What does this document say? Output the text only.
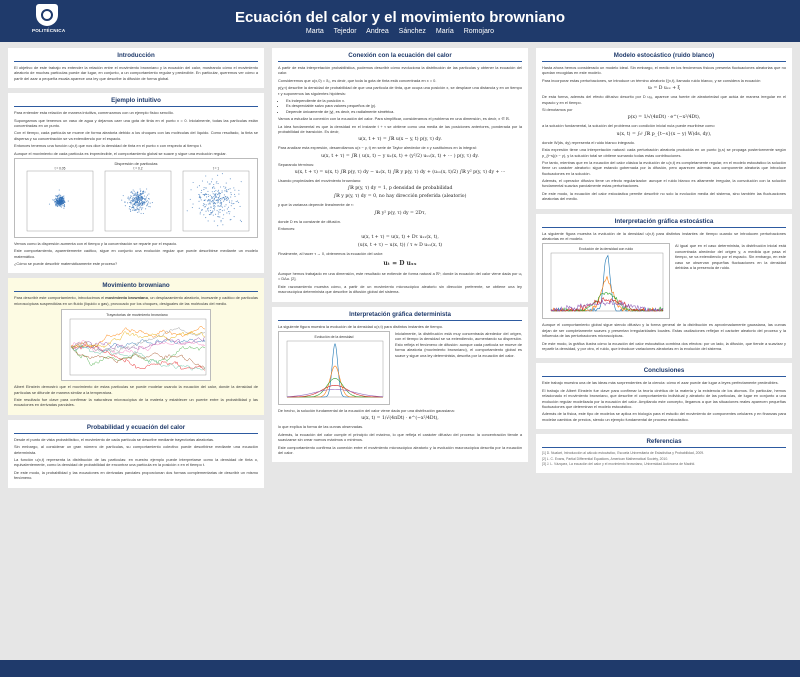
POLITÉCNICA
Ecuación del calor y el movimiento browniano
Marta Tejedor Andrea Sánchez María Romojaro
Introducción

El objetivo de este trabajo es entender la relación entre el movimiento browniano y la ecuación del calor, mostrando cómo el movimiento aleatorio de muchas partículas puede dar lugar, en conjunto, a un comportamiento regular y predecible. En particular, queremos ver cómo a partir del azar a pequeña escala aparece una ley que describe la difusión de forma global.

Ejemplo intuitivo

Para entender esta relación de manera intuitiva, comenzamos con un ejemplo físico sencillo.

Supongamos que tenemos un vaso de agua y dejamos caer una gota de tinta en el punto x = 0. Inicialmente, todas las partículas están concentradas en un punto.

Con el tiempo, cada partícula se mueve de forma aleatoria debido a los choques con las moléculas del líquido. Como resultado, la tinta se dispersa y su concentración se va extendiendo por el espacio.

Entonces tenemos una función u(x,t) que nos dice la densidad de tinta en el punto x con respecto al tiempo t.

Aunque el movimiento de cada partícula es impredecible, el comportamiento global se suave y sigue una evolución regular.

Dispersión de partículas
t = 0.05	t = 0.2	t = 1

Vemos como la dispersión aumenta con el tiempo y la concentración se reparte por el espacio.

Este comportamiento, aparentemente caótico, sigue en conjunto una evolución regular que puede describirse mediante un modelo matemático.

¿Cómo se puede describir matemáticamente este proceso?

Movimiento browniano

Para describir este comportamiento, introducimos el movimiento browniano, un desplazamiento aleatorio, incesante y caótico de partículas microscópicas suspendidas en un fluido (líquido o gas), provocado por los choques, desiguales de las moléculas del medio.

Trayectorias de movimiento browniano

Albert Einstein demostró que el movimiento de estas partículas se puede modelar usando la ecuación del calor, donde la densidad de partículas se difunde de manera similar a la temperatura.

Este resultado fue clave para confirmar la naturaleza microscópica de la materia y establecer un puente entre la probabilidad y las ecuaciones en derivadas parciales.

Probabilidad y ecuación del calor

Desde el punto de vista probabilístico, el movimiento de cada partícula se describe mediante trayectorias aleatorias.

Sin embargo, al considerar un gran número de partículas, su comportamiento colectivo puede describirse mediante una ecuación determinista.

La función u(x,t) representa la distribución de las partículas: en nuestro ejemplo puede interpretarse como la densidad de tinta o, equivalentemente, como la densidad de probabilidad de encontrar una partícula en la posición x en el tiempo t.

De este modo, la probabilidad y las ecuaciones en derivadas parciales proporcionan dos formas complementarias de describir un mismo fenómeno.

Conexión con la ecuación del calor

A partir de esta interpretación probabilística, podemos describir cómo evoluciona la distribución de las partículas y obtener la ecuación del calor.

Consideremos que u(x,0) = δ₀, es decir, que toda la gota de tinta está concentrada en x = 0.

p(y,τ) describe la densidad de probabilidad de que una partícula de tinta, que ocupa una posición x, se desplace una distancia y en un tiempo τ y suponemos las siguientes hipótesis:

• Es independiente de la posición x.
• Es despreciable salvo para valores pequeños de |y|.
• Depende únicamente de |y|, es decir, es radialmente simétrica.

Vamos a estudiar la conexión con la ecuación del calor. Para simplificar, consideramos el problema en una dimensión, es decir, x ∈ ℝ.

La idea fundamental es que la densidad en el instante t + τ se obtiene como una media de las posiciones anteriores, ponderada por la probabilidad de transición. Es decir,

u(x, t + τ) = ∫ℝ u(x − y, t) p(y, τ) dy.

Para analizar esta expresión, desarrollamos u(x − y, t) en serie de Taylor alrededor de x y sustituimos en la integral:

u(x, t + τ) = ∫ℝ ( u(x, t) − y uₓ(x, t) + (y²/2) uₓₓ(x, t) + ··· ) p(y, τ) dy.

Separando términos:

u(x, t + τ) = u(x, t) ∫ℝ p(y, τ) dy − uₓ(x, t) ∫ℝ y p(y, τ) dy + (uₓₓ(x, t)/2) ∫ℝ y² p(y, τ) dy + ···

Usando propiedades del movimiento browniano:

∫ℝ p(y, τ) dy = 1, p densidad de probabilidad
∫ℝ y p(y, τ) dy = 0, no hay dirección preferida (aleatorio)

y que la varianza depende linealmente de τ:

∫ℝ y² p(y, τ) dy = 2Dτ,

donde D es la constante de difusión.

Entonces:

u(x, t + τ) = u(x, t) + Dτ uₓₓ(x, t),
(u(x, t + τ) − u(x, t)) / τ ≈ D uₓₓ(x, t)

Finalmente, al hacer τ → 0, obtenemos la ecuación del calor:

uₜ = D uₓₓ

Aunque hemos trabajado en una dimensión, este resultado se extiende de forma natural a ℝⁿ, donde la ecuación del calor viene dada por uₜ = DΔu. [2].

Este razonamiento muestra cómo, a partir de un movimiento microscópico aleatorio sin dirección preferente, se obtiene una ley macroscópica determinista que describe la difusión global del sistema.

Interpretación gráfica determinista

La siguiente figura muestra la evolución de la densidad u(x,t) para distintos instantes de tiempo.

Evolución de la densidad

Inicialmente, la distribución está muy concentrada alrededor del origen, con el tiempo la densidad se va extendiendo, aumentando su dispersión. Esto refleja el fenómeno de difusión: aunque cada partícula se mueve de forma aleatoria (movimiento browniano), el comportamiento global es suave y sigue una ley determinista, descrita por la ecuación del calor.

De hecho, la solución fundamental de la ecuación del calor viene dada por una distribución gaussiana:

u(x, t) = 1/√(4πDt) · e^(−x²/4Dt),

lo que explica la forma de las curvas observadas.

Además, la ecuación del calor cumple el principio del máximo, lo que refleja el carácter difusivo del proceso: la concentración tiende a suavizarse sin crear nuevos máximos o mínimos.

Este comportamiento confirma la conexión entre el movimiento microscópico aleatorio y la evolución macroscópica descrita por la ecuación del calor.

Modelo estocástico (ruido blanco)

Hasta ahora hemos considerado un modelo ideal. Sin embargo, el medio en los fenómenos físicos presenta fluctuaciones aleatorias que no quedan recogidas en este modelo.

Para incorporar estas perturbaciones, se introduce un término aleatorio ξ(x,t), llamado ruido blanco, y se considera la ecuación

uₜ = D uₓₓ + ξ

De esta forma, además del efecto difusivo descrito por D uₓₓ, aparece una fuente de aleatoriedad que actúa de manera irregular en el espacio y en el tiempo.

Si denotamos por

p(x) = 1/√(4πDt) · e^(−x²/4Dt),

a la solución fundamental, la solución del problema con condición inicial nula puede escribirse como

u(x, t) = ∫₀ᵗ ∫ℝ p_{t−s}(x − y) W(ds, dy),

donde W(ds, dy) representa el ruido blanco integrado.

Esta expresión tiene una interpretación natural: cada perturbación aleatoria producida en un punto (y,s) se propaga posteriormente según p_{t−s}(x − y), y la solución total se obtiene sumando todas estas contribuciones.

Por tanto, mientras que en la ecuación del calor clásica la evolución de u(x,t) es completamente regular, en el modelo estocástico la solución tiene un carácter aleatorio: sigue estando gobernada por la difusión, pero aparecen además una componente aleatoria que introduce fluctuaciones en la solución.

Además, el operador difusivo tiene un efecto regularizador: aunque el ruido blanco es altamente irregular, la convolución con la solución fundamental suaviza parcialmente estas perturbaciones.

De este modo, la ecuación del calor estocástica permite describir no solo la evolución media del sistema, sino también las fluctuaciones aleatorias del medio.

Interpretación gráfica estocástica

La siguiente figura muestra la evolución de la densidad u(x,t) para distintos instantes de tiempo cuando se introducen perturbaciones aleatorias en el modelo.

Evolución de la densidad con ruido

Al igual que en el caso determinista, la distribución inicial está concentrada alrededor del origen y, a medida que pasa el tiempo, se va extendiendo por el espacio. Sin embargo, en este caso se observan pequeñas fluctuaciones en la densidad debidas a la presencia de ruido.

Aunque el comportamiento global sigue siendo difusivo y la forma general de la distribución es aproximadamente gaussiana, las curvas dejan de ser completamente suaves y presentan irregularidades locales. Estas oscilaciones reflejan el carácter aleatorio del proceso y la influencia de las perturbaciones microscópicas.

De este modo, la gráfica ilustra cómo la ecuación del calor estocástica combina dos efectos: por un lado, la difusión, que tiende a suavizar y repartir la densidad, y por otro, el ruido, que introduce variaciones aleatorias en la evolución del sistema.

Conclusiones

Este trabajo muestra una de las ideas más sorprendentes de la ciencia: cómo el azar puede dar lugar a leyes perfectamente predecibles.

El trabajo de Albert Einstein fue clave para confirmar la teoría cinética de la materia y la existencia de los átomos. En particular, hemos relacionado el movimiento browniano, que describe el comportamiento individual y aleatorio de las partículas, de lugar en conjunto a una evolución regular modelizada por la ecuación del calor. Ampliando este concepto, llegamos a que las situaciones reales aparecen pequeñas fluctuaciones que determinan el modelo estocástico.

Además de la física, este tipo de modelos se aplica en biología para el estudio del movimiento de componentes celulares y en finanzas para modelar cambios de precios, siendo un ejemplo fundamental de proceso estocástico.

Referencias

[1] D. Nualart, Introducción al cálculo estocástico, Escuela Universitaria de Estadística y Probabilidad, 2009.

[2] L. C. Evans, Partial Differential Equations, American Mathematical Society, 2010.

[3] J. L. Vázquez, La ecuación del calor y el movimiento browniano, Universidad Autónoma de Madrid.
